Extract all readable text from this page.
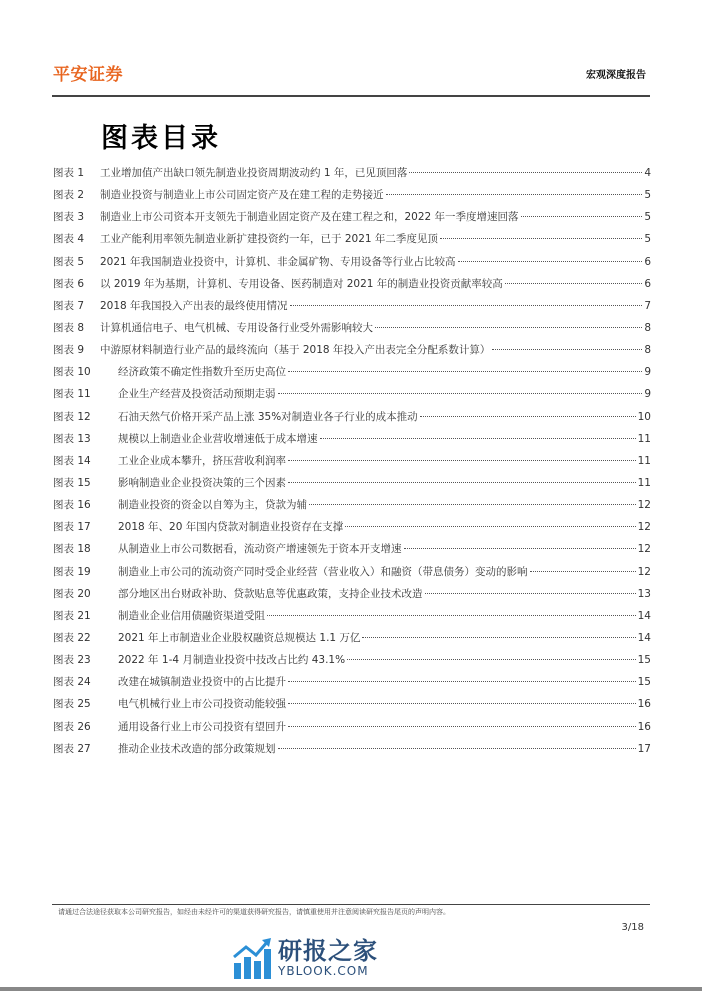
平安证券	宏观深度报告
图表目录
图表 1	工业增加值产出缺口领先制造业投资周期波动约 1 年，已见顶回落	4
图表 2	制造业投资与制造业上市公司固定资产及在建工程的走势接近	5
图表 3	制造业上市公司资本开支领先于制造业固定资产及在建工程之和，2022 年一季度增速回落	5
图表 4	工业产能利用率领先制造业新扩建投资约一年，已于 2021 年二季度见顶	5
图表 5	2021 年我国制造业投资中，计算机、非金属矿物、专用设备等行业占比较高	6
图表 6	以 2019 年为基期，计算机、专用设备、医药制造对 2021 年的制造业投资贡献率较高	6
图表 7	2018 年我国投入产出表的最终使用情况	7
图表 8	计算机通信电子、电气机械、专用设备行业受外需影响较大	8
图表 9	中游原材料制造行业产品的最终流向（基于 2018 年投入产出表完全分配系数计算）	8
图表 10	经济政策不确定性指数升至历史高位	9
图表 11	企业生产经营及投资活动预期走弱	9
图表 12	石油天然气价格开采产品上涨 35%对制造业各子行业的成本推动	10
图表 13	规模以上制造业企业营收增速低于成本增速	11
图表 14	工业企业成本攀升，挤压营收利润率	11
图表 15	影响制造业企业投资决策的三个因素	11
图表 16	制造业投资的资金以自筹为主，贷款为辅	12
图表 17	2018 年、20 年国内贷款对制造业投资存在支撑	12
图表 18	从制造业上市公司数据看，流动资产增速领先于资本开支增速	12
图表 19	制造业上市公司的流动资产同时受企业经营（营业收入）和融资（带息债务）变动的影响	12
图表 20	部分地区出台财政补助、贷款贴息等优惠政策，支持企业技术改造	13
图表 21	制造业企业信用债融资渠道受阻	14
图表 22	2021 年上市制造业企业股权融资总规模达 1.1 万亿	14
图表 23	2022 年 1-4 月制造业投资中技改占比约 43.1%	15
图表 24	改建在城镇制造业投资中的占比提升	15
图表 25	电气机械行业上市公司投资动能较强	16
图表 26	通用设备行业上市公司投资有望回升	16
图表 27	推动企业技术改造的部分政策规划	17
请通过合法途径获取本公司研究报告，如经由未经许可的渠道获得研究报告，请慎重使用并注意阅读研究报告尾页的声明内容。
3/18
研报之家
YBLOOK.COM
